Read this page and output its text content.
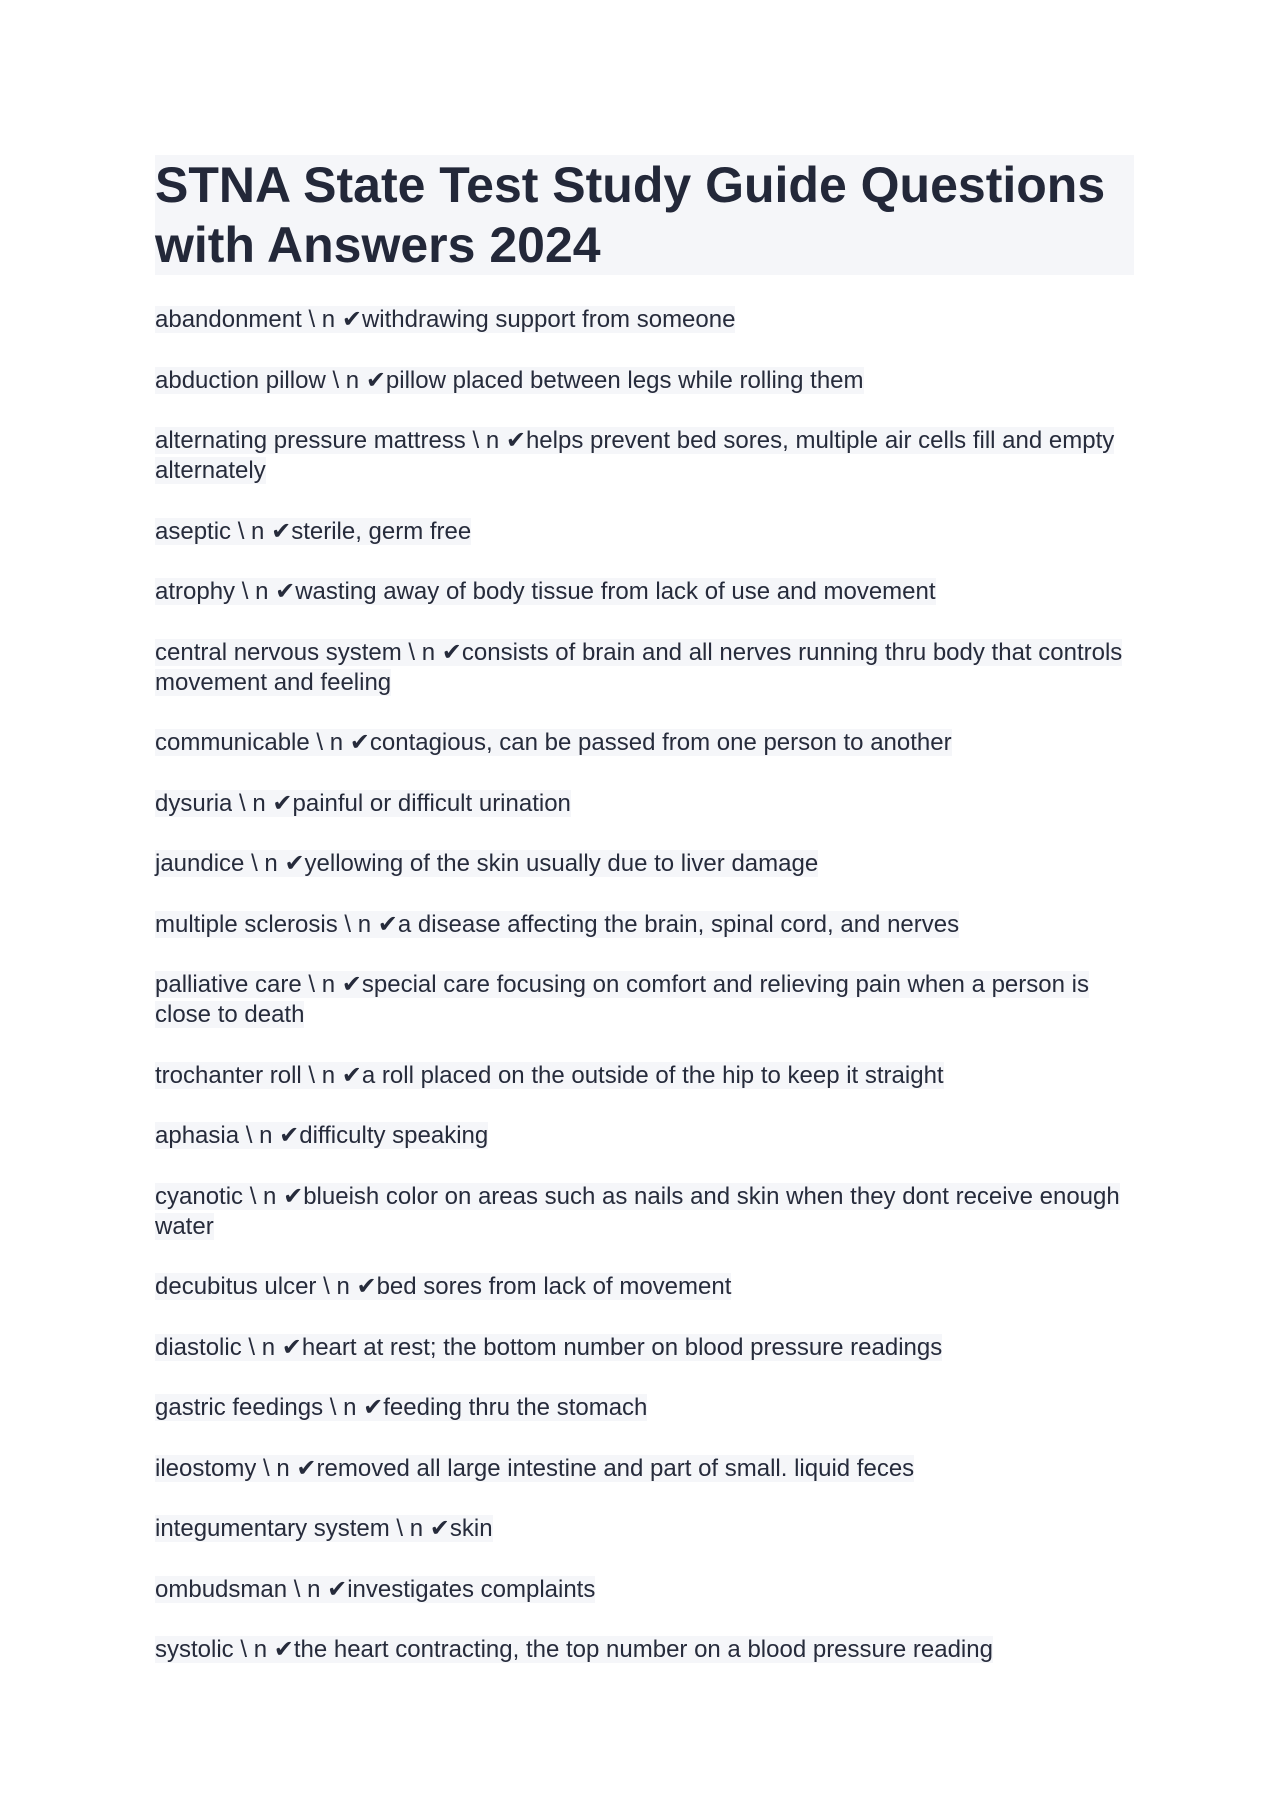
STNA State Test Study Guide Questions with Answers 2024

abandonment \ n ✔withdrawing support from someone

abduction pillow \ n ✔pillow placed between legs while rolling them

alternating pressure mattress \ n ✔helps prevent bed sores, multiple air cells fill and empty alternately

aseptic \ n ✔sterile, germ free

atrophy \ n ✔wasting away of body tissue from lack of use and movement

central nervous system \ n ✔consists of brain and all nerves running thru body that controls movement and feeling

communicable \ n ✔contagious, can be passed from one person to another

dysuria \ n ✔painful or difficult urination

jaundice \ n ✔yellowing of the skin usually due to liver damage

multiple sclerosis \ n ✔a disease affecting the brain, spinal cord, and nerves

palliative care \ n ✔special care focusing on comfort and relieving pain when a person is close to death

trochanter roll \ n ✔a roll placed on the outside of the hip to keep it straight

aphasia \ n ✔difficulty speaking

cyanotic \ n ✔blueish color on areas such as nails and skin when they dont receive enough water

decubitus ulcer \ n ✔bed sores from lack of movement

diastolic \ n ✔heart at rest; the bottom number on blood pressure readings

gastric feedings \ n ✔feeding thru the stomach

ileostomy \ n ✔removed all large intestine and part of small. liquid feces

integumentary system \ n ✔skin

ombudsman \ n ✔investigates complaints

systolic \ n ✔the heart contracting, the top number on a blood pressure reading
